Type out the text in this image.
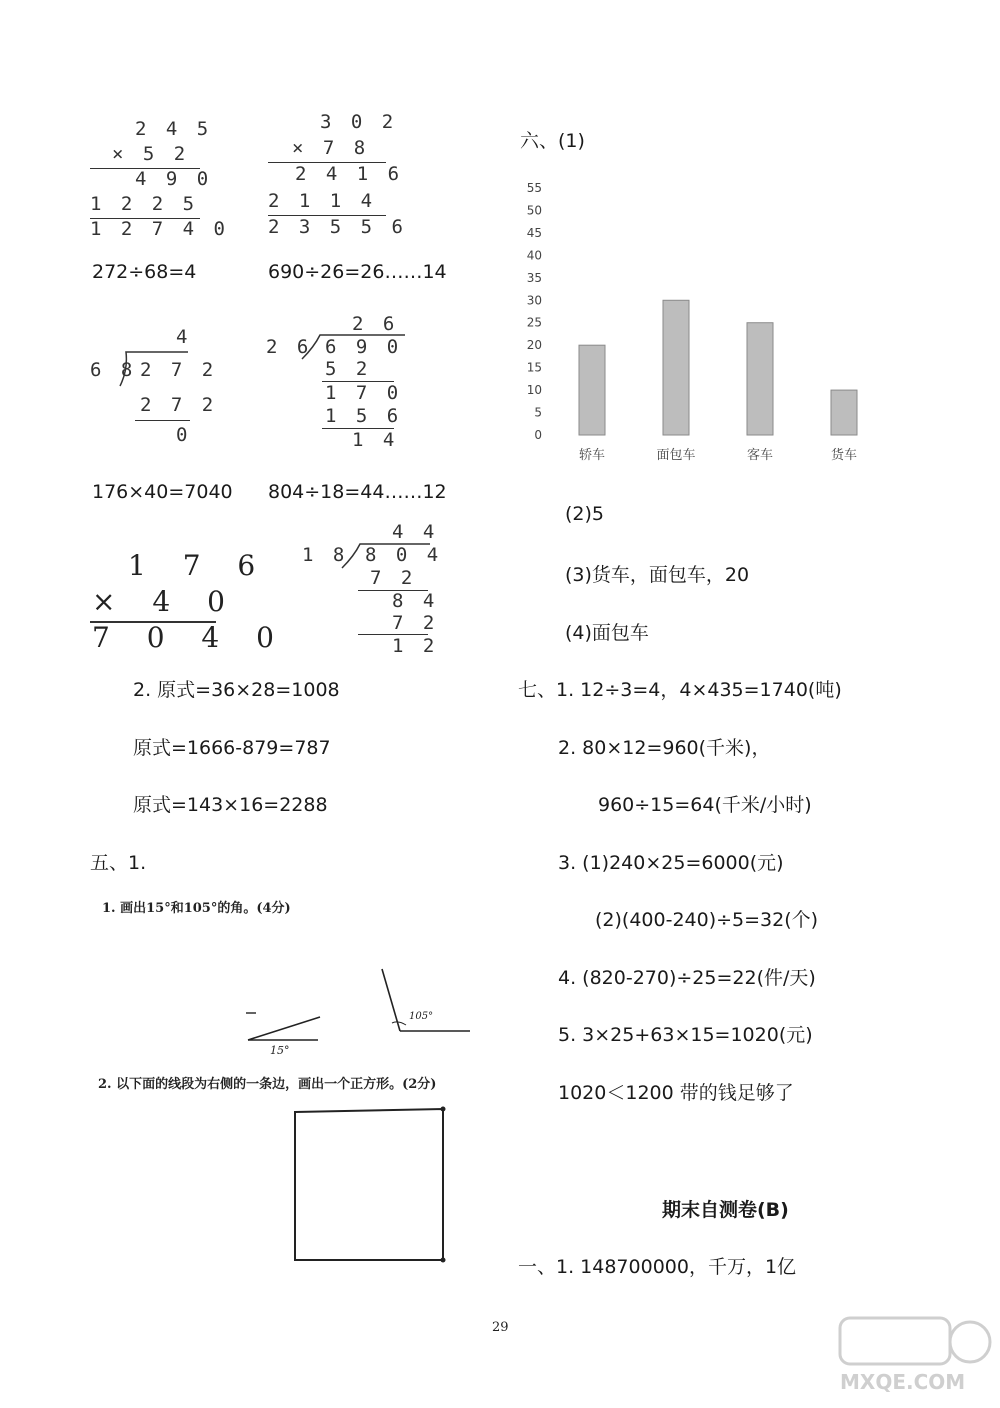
2 4 5
× 5 2
4 9 0
1 2 2 5
1 2 7 4 0
3 0 2
× 7 8
2 4 1 6
2 1 1 4
2 3 5 5 6
272÷68=4	690÷26=26……14
4
6 8 2 7 2
2 7 2
0
2 6
2 6 6 9 0
5 2
1 7 0
1 5 6
1 4
176×40=7040 804÷18=44……12
1 7 6
× 4 0
7 0 4 0
4 4
1 8 8 0 4
7 2
8 4
7 2
1 2
2. 原式=36×28=1008
原式=1666-879=787
原式=143×16=2288
五、1.
1. 画出15°和105°的角。(4分)
15°
105°
2. 以下面的线段为右侧的一条边，画出一个正方形。(2分)
六、(1)
0
5
10
15
20
25
30
35
40
45
50
55
轿车	面包车	客车	货车
(2)5
(3)货车，面包车，20
(4)面包车
七、1. 12÷3=4，4×435=1740(吨)
2. 80×12=960(千米)，
960÷15=64(千米/小时)
3. (1)240×25=6000(元)
(2)(400-240)÷5=32(个)
4. (820-270)÷25=22(件/天)
5. 3×25+63×15=1020(元)
1020＜1200 带的钱足够了
期末自测卷(B)
一、1. 148700000，千万，1亿
29
MXQE.COM
